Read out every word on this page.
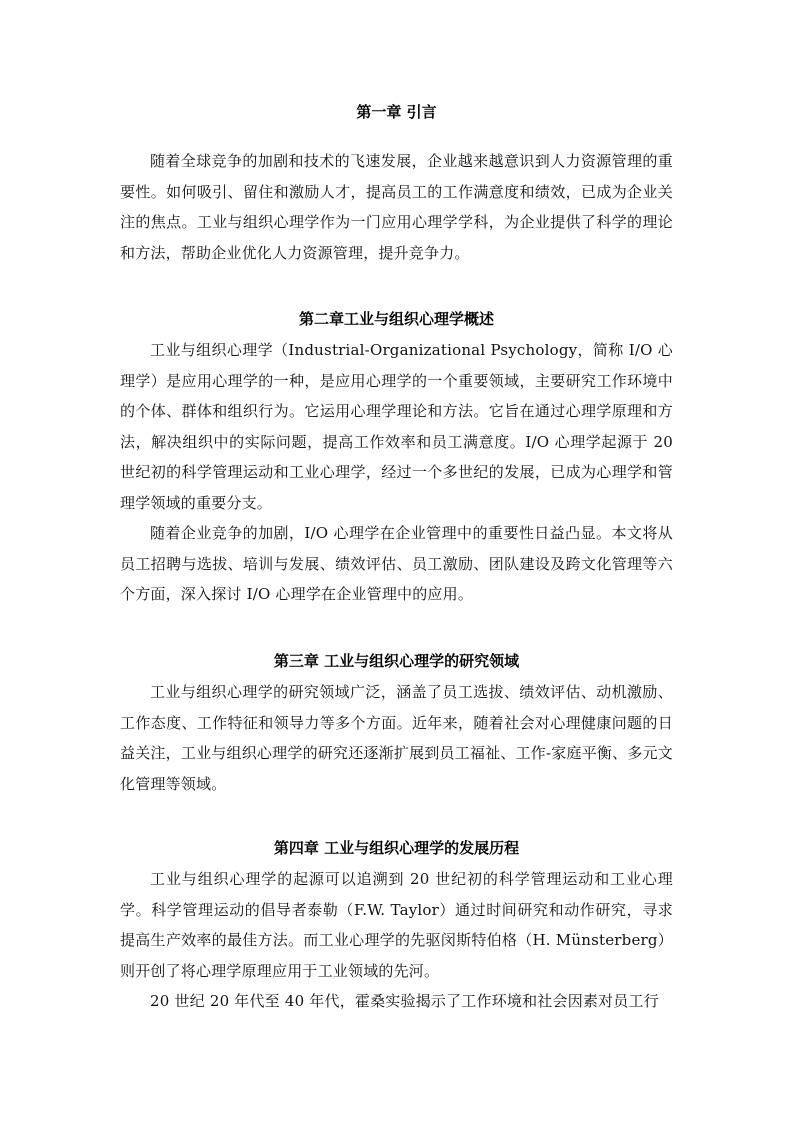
第一章 引言

随着全球竞争的加剧和技术的飞速发展，企业越来越意识到人力资源管理的重要性。如何吸引、留住和激励人才，提高员工的工作满意度和绩效，已成为企业关注的焦点。工业与组织心理学作为一门应用心理学学科，为企业提供了科学的理论和方法，帮助企业优化人力资源管理，提升竞争力。

第二章工业与组织心理学概述

工业与组织心理学（Industrial-Organizational Psychology，简称 I/O 心理学）是应用心理学的一种，是应用心理学的一个重要领域，主要研究工作环境中的个体、群体和组织行为。它运用心理学理论和方法。它旨在通过心理学原理和方法，解决组织中的实际问题，提高工作效率和员工满意度。I/O 心理学起源于 20 世纪初的科学管理运动和工业心理学，经过一个多世纪的发展，已成为心理学和管理学领域的重要分支。

随着企业竞争的加剧，I/O 心理学在企业管理中的重要性日益凸显。本文将从员工招聘与选拔、培训与发展、绩效评估、员工激励、团队建设及跨文化管理等六个方面，深入探讨 I/O 心理学在企业管理中的应用。

第三章 工业与组织心理学的研究领域

工业与组织心理学的研究领域广泛，涵盖了员工选拔、绩效评估、动机激励、工作态度、工作特征和领导力等多个方面。近年来，随着社会对心理健康问题的日益关注，工业与组织心理学的研究还逐渐扩展到员工福祉、工作-家庭平衡、多元文化管理等领域。

第四章 工业与组织心理学的发展历程

工业与组织心理学的起源可以追溯到 20 世纪初的科学管理运动和工业心理学。科学管理运动的倡导者泰勒（F.W. Taylor）通过时间研究和动作研究，寻求提高生产效率的最佳方法。而工业心理学的先驱闵斯特伯格（H. Münsterberg）则开创了将心理学原理应用于工业领域的先河。

20 世纪 20 年代至 40 年代，霍桑实验揭示了工作环境和社会因素对员工行
